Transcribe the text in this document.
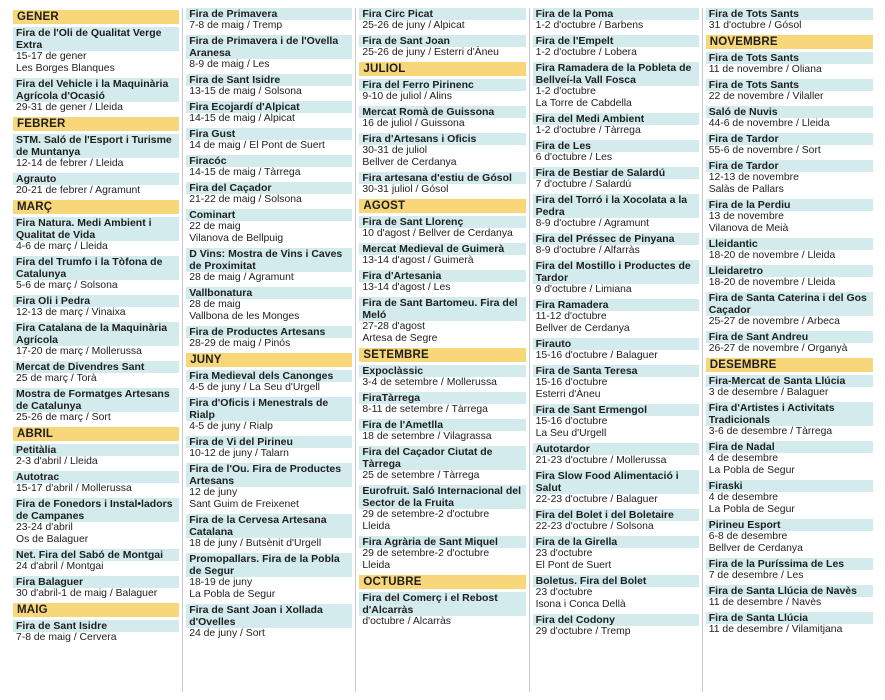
GENER
Fira de l'Oli de Qualitat Verge Extra
15-17 de gener
Les Borges Blanques
Fira del Vehicle i la Maquinària Agrícola d'Ocasió
29-31 de gener / Lleida
FEBRER
STM. Saló de l'Esport i Turisme de Muntanya
12-14 de febrer / Lleida
Agrauto
20-21 de febrer / Agramunt
MARÇ
Fira Natura. Medi Ambient i Qualitat de Vida
4-6 de març / Lleida
Fira del Trumfo i la Tòfona de Catalunya
5-6 de març / Solsona
Fira Oli i Pedra
12-13 de març / Vinaixa
Fira Catalana de la Maquinària Agrícola
17-20 de març / Mollerussa
Mercat de Divendres Sant
25 de març / Torà
Mostra de Formatges Artesans de Catalunya
25-26 de març / Sort
ABRIL
Petitàlia
2-3 d'abril / Lleida
Autotrac
15-17 d'abril / Mollerussa
Fira de Fonedors i Instal•ladors de Campanes
23-24 d'abril
Os de Balaguer
Net. Fira del Sabó de Montgai
24 d'abril / Montgai
Fira Balaguer
30 d'abril-1 de maig / Balaguer
MAIG
Fira de Sant Isidre
7-8 de maig / Cervera
Fira de Primavera
7-8 de maig / Tremp
Fira de Primavera i de l'Ovella Aranesa
8-9 de maig / Les
Fira de Sant Isidre
13-15 de maig / Solsona
Fira Ecojardí d'Alpicat
14-15 de maig / Alpicat
Fira Gust
14 de maig / El Pont de Suert
Firacóc
14-15 de maig / Tàrrega
Fira del Caçador
21-22 de maig / Solsona
Cominart
22 de maig
Vilanova de Bellpuig
D Vins: Mostra de Vins i Caves de Proximitat
28 de maig / Agramunt
Vallbonatura
28 de maig
Vallbona de les Monges
Fira de Productes Artesans
28-29 de maig / Pinós
JUNY
Fira Medieval dels Canonges
4-5 de juny / La Seu d'Urgell
Fira d'Oficis i Menestrals de Rialp
4-5 de juny / Rialp
Fira de Vi del Pirineu
10-12 de juny / Talarn
Fira de l'Ou. Fira de Productes Artesans
12 de juny
Sant Guim de Freixenet
Fira de la Cervesa Artesana Catalana
18 de juny / Butsènit d'Urgell
Promopallars. Fira de la Pobla de Segur
18-19 de juny
La Pobla de Segur
Fira de Sant Joan i Xollada d'Ovelles
24 de juny / Sort
Fira Circ Picat
25-26 de juny / Alpicat
Fira de Sant Joan
25-26 de juny / Esterri d'Àneu
JULIOL
Fira del Ferro Pirinenc
9-10 de juliol / Alins
Mercat Romà de Guissona
16 de juliol / Guissona
Fira d'Artesans i Oficis
30-31 de juliol
Bellver de Cerdanya
Fira artesana d'estiu de Gósol
30-31 juliol / Gósol
AGOST
Fira de Sant Llorenç
10 d'agost / Bellver de Cerdanya
Mercat Medieval de Guimerà
13-14 d'agost / Guimerà
Fira d'Artesania
13-14 d'agost / Les
Fira de Sant Bartomeu. Fira del Meló
27-28 d'agost
Artesa de Segre
SETEMBRE
Expoclàssic
3-4 de setembre / Mollerussa
FiraTàrrega
8-11 de setembre / Tàrrega
Fira de l'Ametlla
18 de setembre / Vilagrassa
Fira del Caçador Ciutat de Tàrrega
25 de setembre / Tàrrega
Eurofruit. Saló Internacional del Sector de la Fruita
29 de setembre-2 d'octubre
Lleida
Fira Agrària de Sant Miquel
29 de setembre-2 d'octubre
Lleida
OCTUBRE
Fira del Comerç i el Rebost d'Alcarràs
d'octubre / Alcarràs
Fira de la Poma
1-2 d'octubre / Barbens
Fira de l'Empelt
1-2 d'octubre / Lobera
Fira Ramadera de la Pobleta de Bellveí-la Vall Fosca
1-2 d'octubre
La Torre de Cabdella
Fira del Medi Ambient
1-2 d'octubre / Tàrrega
Fira de Les
6 d'octubre / Les
Fira de Bestiar de Salardú
7 d'octubre / Salardú
Fira del Torró i la Xocolata a la Pedra
8-9 d'octubre / Agramunt
Fira del Préssec de Pinyana
8-9 d'octubre / Alfarràs
Fira del Mostillo i Productes de Tardor
9 d'octubre / Limiana
Fira Ramadera
11-12 d'octubre
Bellver de Cerdanya
Firauto
15-16 d'octubre / Balaguer
Fira de Santa Teresa
15-16 d'octubre
Esterri d'Àneu
Fira de Sant Ermengol
15-16 d'octubre
La Seu d'Urgell
Autotardor
21-23 d'octubre / Mollerussa
Fira Slow Food Alimentació i Salut
22-23 d'octubre / Balaguer
Fira del Bolet i del Boletaire
22-23 d'octubre / Solsona
Fira de la Girella
23 d'octubre
El Pont de Suert
Boletus. Fira del Bolet
23 d'octubre
Isona i Conca Dellà
Fira del Codony
29 d'octubre / Tremp
Fira de Tots Sants
31 d'octubre / Gósol
NOVEMBRE
Fira de Tots Sants
11 de novembre / Oliana
Fira de Tots Sants
22 de novembre / Vilaller
Saló de Nuvis
44-6 de novembre / Lleida
Fira de Tardor
55-6 de novembre / Sort
Fira de Tardor
12-13 de novembre
Salàs de Pallars
Fira de la Perdiu
13 de novembre
Vilanova de Meià
Lleidantic
18-20 de novembre / Lleida
Lleidaretro
18-20 de novembre / Lleida
Fira de Santa Caterina i del Gos Caçador
25-27 de novembre / Arbeca
Fira de Sant Andreu
26-27 de novembre / Organyà
DESEMBRE
Fira-Mercat de Santa Llúcia
3 de desembre / Balaguer
Fira d'Artistes i Activitats Tradicionals
3-6 de desembre / Tàrrega
Fira de Nadal
4 de desembre
La Pobla de Segur
Firaski
4 de desembre
La Pobla de Segur
Pirineu Esport
6-8 de desembre
Bellver de Cerdanya
Fira de la Puríssima de Les
7 de desembre / Les
Fira de Santa Llúcia de Navès
11 de desembre / Navès
Fira de Santa Llúcia
11 de desembre / Vilamitjana
